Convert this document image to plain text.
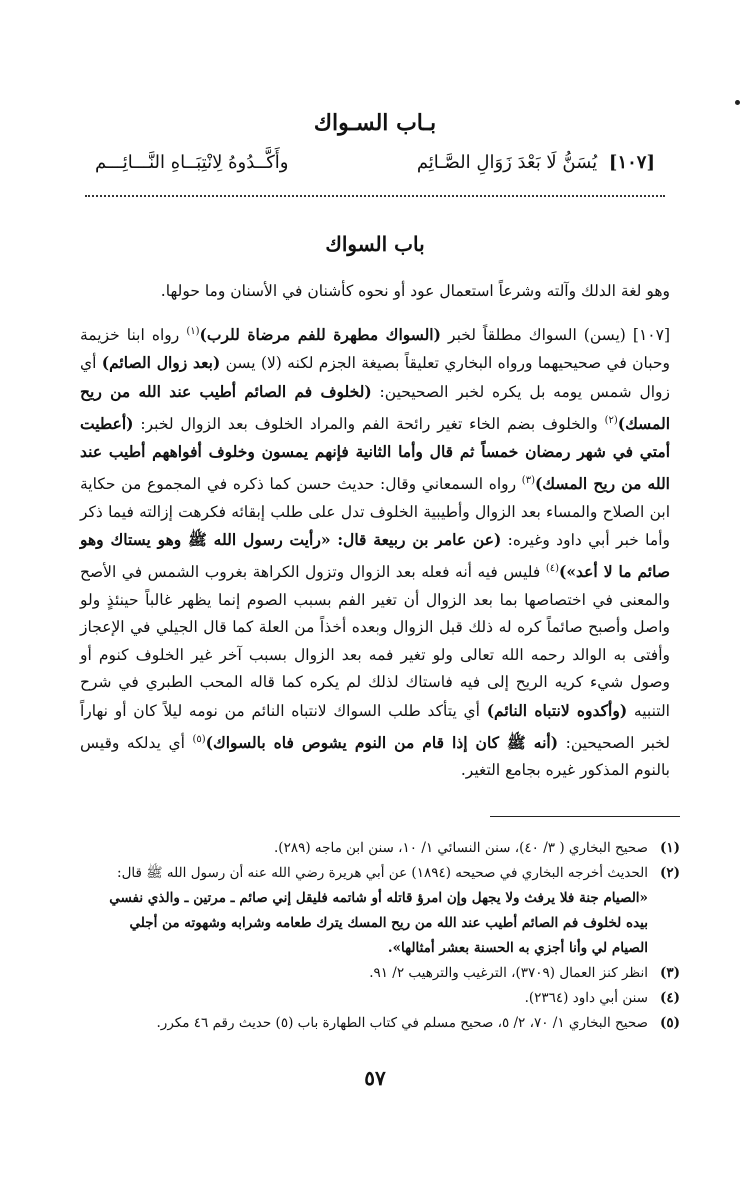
بـاب السـواك
[١٠٧] يُسَنُّ لَا بَعْدَ زَوَالِ الصَّـائِم
وأَكَّــدُوهُ لِانْتِبَــاهِ النَّـــائِـــم
باب السواك

وهو لغة الدلك وآلته وشرعاً استعمال عود أو نحوه كأشنان في الأسنان وما حولها.

[١٠٧] (يسن) السواك مطلقاً لخبر (السواك مطهرة للفم مرضاة للرب)$^{(١)}$ رواه ابنا خزيمة وحبان في صحيحيهما ورواه البخاري تعليقاً بصيغة الجزم لكنه (لا) يسن (بعد زوال الصائم) أي زوال شمس يومه بل يكره لخبر الصحيحين: (لخلوف فم الصائم أطيب عند الله من ريح المسك)$^{(٢)}$ والخلوف بضم الخاء تغير رائحة الفم والمراد الخلوف بعد الزوال لخبر: (أعطيت أمتي في شهر رمضان خمساً ثم قال وأما الثانية فإنهم يمسون وخلوف أفواههم أطيب عند الله من ريح المسك)$^{(٣)}$ رواه السمعاني وقال: حديث حسن كما ذكره في المجموع من حكاية ابن الصلاح والمساء بعد الزوال وأطيبية الخلوف تدل على طلب إبقائه فكرهت إزالته فيما ذكر وأما خبر أبي داود وغيره: (عن عامر بن ربيعة قال: «رأيت رسول الله ﷺ وهو يستاك وهو صائم ما لا أعد»)$^{(٤)}$ فليس فيه أنه فعله بعد الزوال وتزول الكراهة بغروب الشمس في الأصح والمعنى في اختصاصها بما بعد الزوال أن تغير الفم بسبب الصوم إنما يظهر غالباً حينئذٍ ولو واصل وأصبح صائماً كره له ذلك قبل الزوال وبعده أخذاً من العلة كما قال الجيلي في الإعجاز وأفتى به الوالد رحمه الله تعالى ولو تغير فمه بعد الزوال بسبب آخر غير الخلوف كنوم أو وصول شيء كريه الريح إلى فيه فاستاك لذلك لم يكره كما قاله المحب الطبري في شرح التنبيه (وأكدوه لانتباه النائم) أي يتأكد طلب السواك لانتباه النائم من نومه ليلاً كان أو نهاراً لخبر الصحيحين: (أنه ﷺ كان إذا قام من النوم يشوص فاه بالسواك)$^{(٥)}$ أي يدلكه وقيس بالنوم المذكور غيره بجامع التغير.

(١)
صحيح البخاري ( ٣/ ٤٠)، سنن النسائي ١/ ١٠، سنن ابن ماجه (٢٨٩).
(٢)
الحديث أخرجه البخاري في صحيحه (١٨٩٤) عن أبي هريرة رضي الله عنه أن رسول الله ﷺ قال: «الصيام جنة فلا يرفث ولا يجهل وإن امرؤ قاتله أو شاتمه فليقل إني صائم ـ مرتين ـ والذي نفسي بيده لخلوف فم الصائم أطيب عند الله من ريح المسك يترك طعامه وشرابه وشهوته من أجلي الصيام لي وأنا أجزي به الحسنة بعشر أمثالها».
(٣)
انظر كنز العمال (٣٧٠٩)، الترغيب والترهيب ٢/ ٩١.
(٤)
سنن أبي داود (٢٣٦٤).
(٥)
صحيح البخاري ١/ ٧٠، ٢/ ٥، صحيح مسلم في كتاب الطهارة باب (٥) حديث رقم ٤٦ مكرر.
٥٧
